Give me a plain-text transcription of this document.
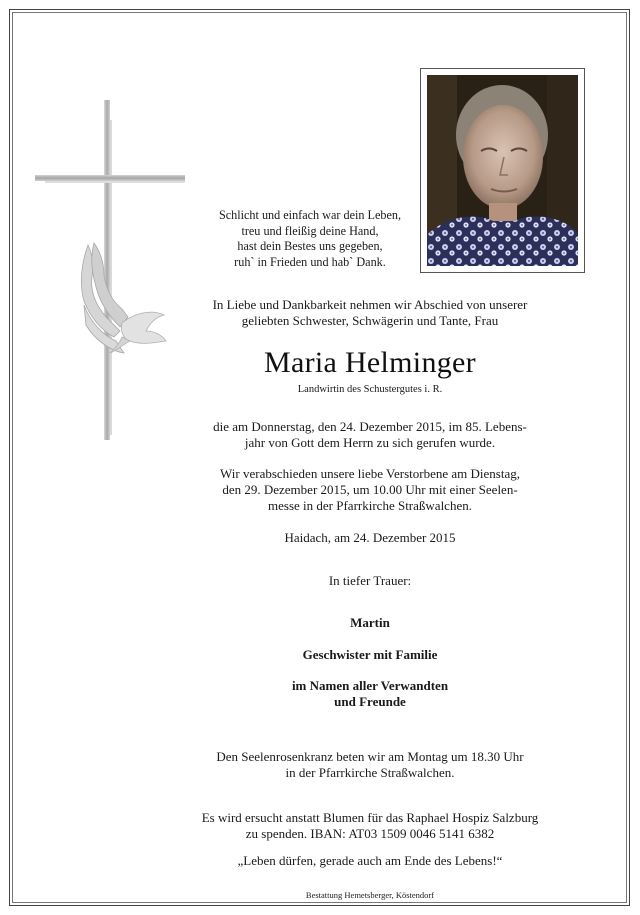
Schlicht und einfach war dein Leben,
treu und fleißig deine Hand,
hast dein Bestes uns gegeben,
ruh` in Frieden und hab` Dank.
In Liebe und Dankbarkeit nehmen wir Abschied von unserer
geliebten Schwester, Schwägerin und Tante, Frau
Maria Helminger
Landwirtin des Schustergutes i. R.
die am Donnerstag, den 24. Dezember 2015, im 85. Lebens-
jahr von Gott dem Herrn zu sich gerufen wurde.
Wir verabschieden unsere liebe Verstorbene am Dienstag,
den 29. Dezember 2015, um 10.00 Uhr mit einer Seelen-
messe in der Pfarrkirche Straßwalchen.
Haidach, am 24. Dezember 2015
In tiefer Trauer:
Martin
Geschwister mit Familie
im Namen aller Verwandten
und Freunde
Den Seelenrosenkranz beten wir am Montag um 18.30 Uhr
in der Pfarrkirche Straßwalchen.
Es wird ersucht anstatt Blumen für das Raphael Hospiz Salzburg
zu spenden. IBAN: AT03 1509 0046 5141 6382
„Leben dürfen, gerade auch am Ende des Lebens!“
Bestattung Hemetsberger, Köstendorf
